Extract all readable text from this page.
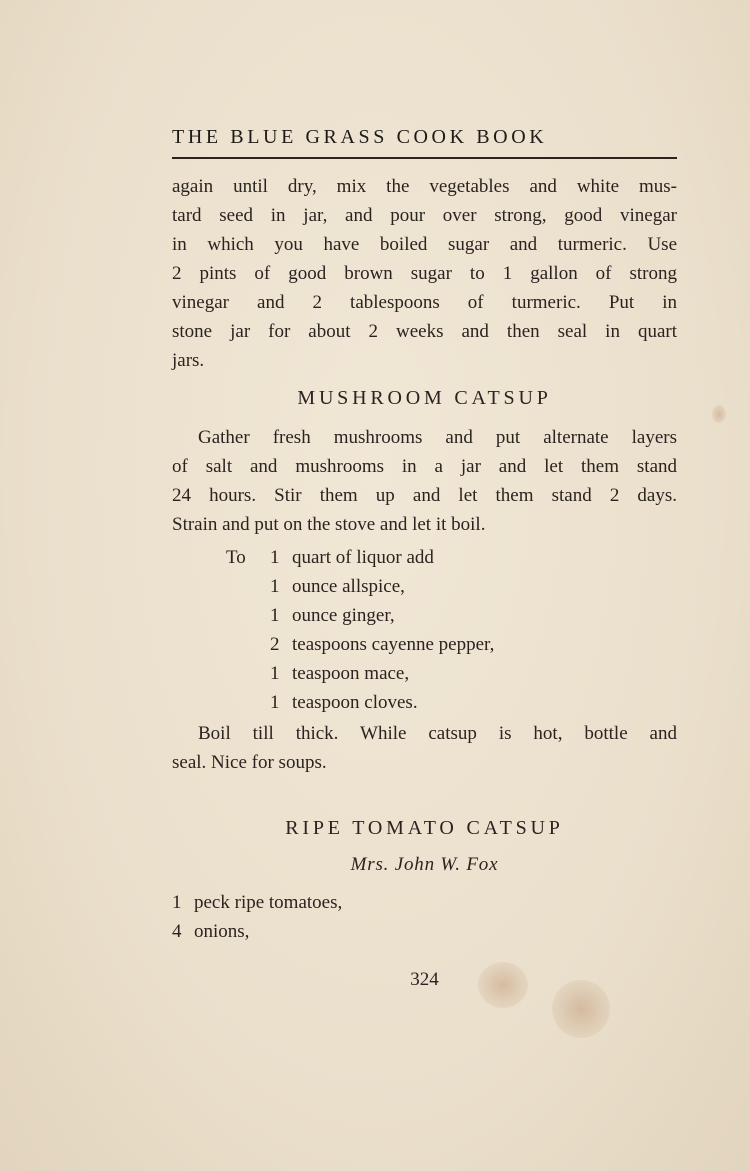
THE BLUE GRASS COOK BOOK
again until dry, mix the vegetables and white mus-
tard seed in jar, and pour over strong, good vinegar
in which you have boiled sugar and turmeric. Use
2 pints of good brown sugar to 1 gallon of strong
vinegar and 2 tablespoons of turmeric. Put in
stone jar for about 2 weeks and then seal in quart
jars.
MUSHROOM CATSUP
Gather fresh mushrooms and put alternate layers
of salt and mushrooms in a jar and let them stand
24 hours. Stir them up and let them stand 2 days.
Strain and put on the stove and let it boil.
To 1 quart of liquor add
1 ounce allspice,
1 ounce ginger,
2 teaspoons cayenne pepper,
1 teaspoon mace,
1 teaspoon cloves.
Boil till thick. While catsup is hot, bottle and
seal. Nice for soups.
RIPE TOMATO CATSUP
Mrs. John W. Fox
1 peck ripe tomatoes,
4 onions,
324
